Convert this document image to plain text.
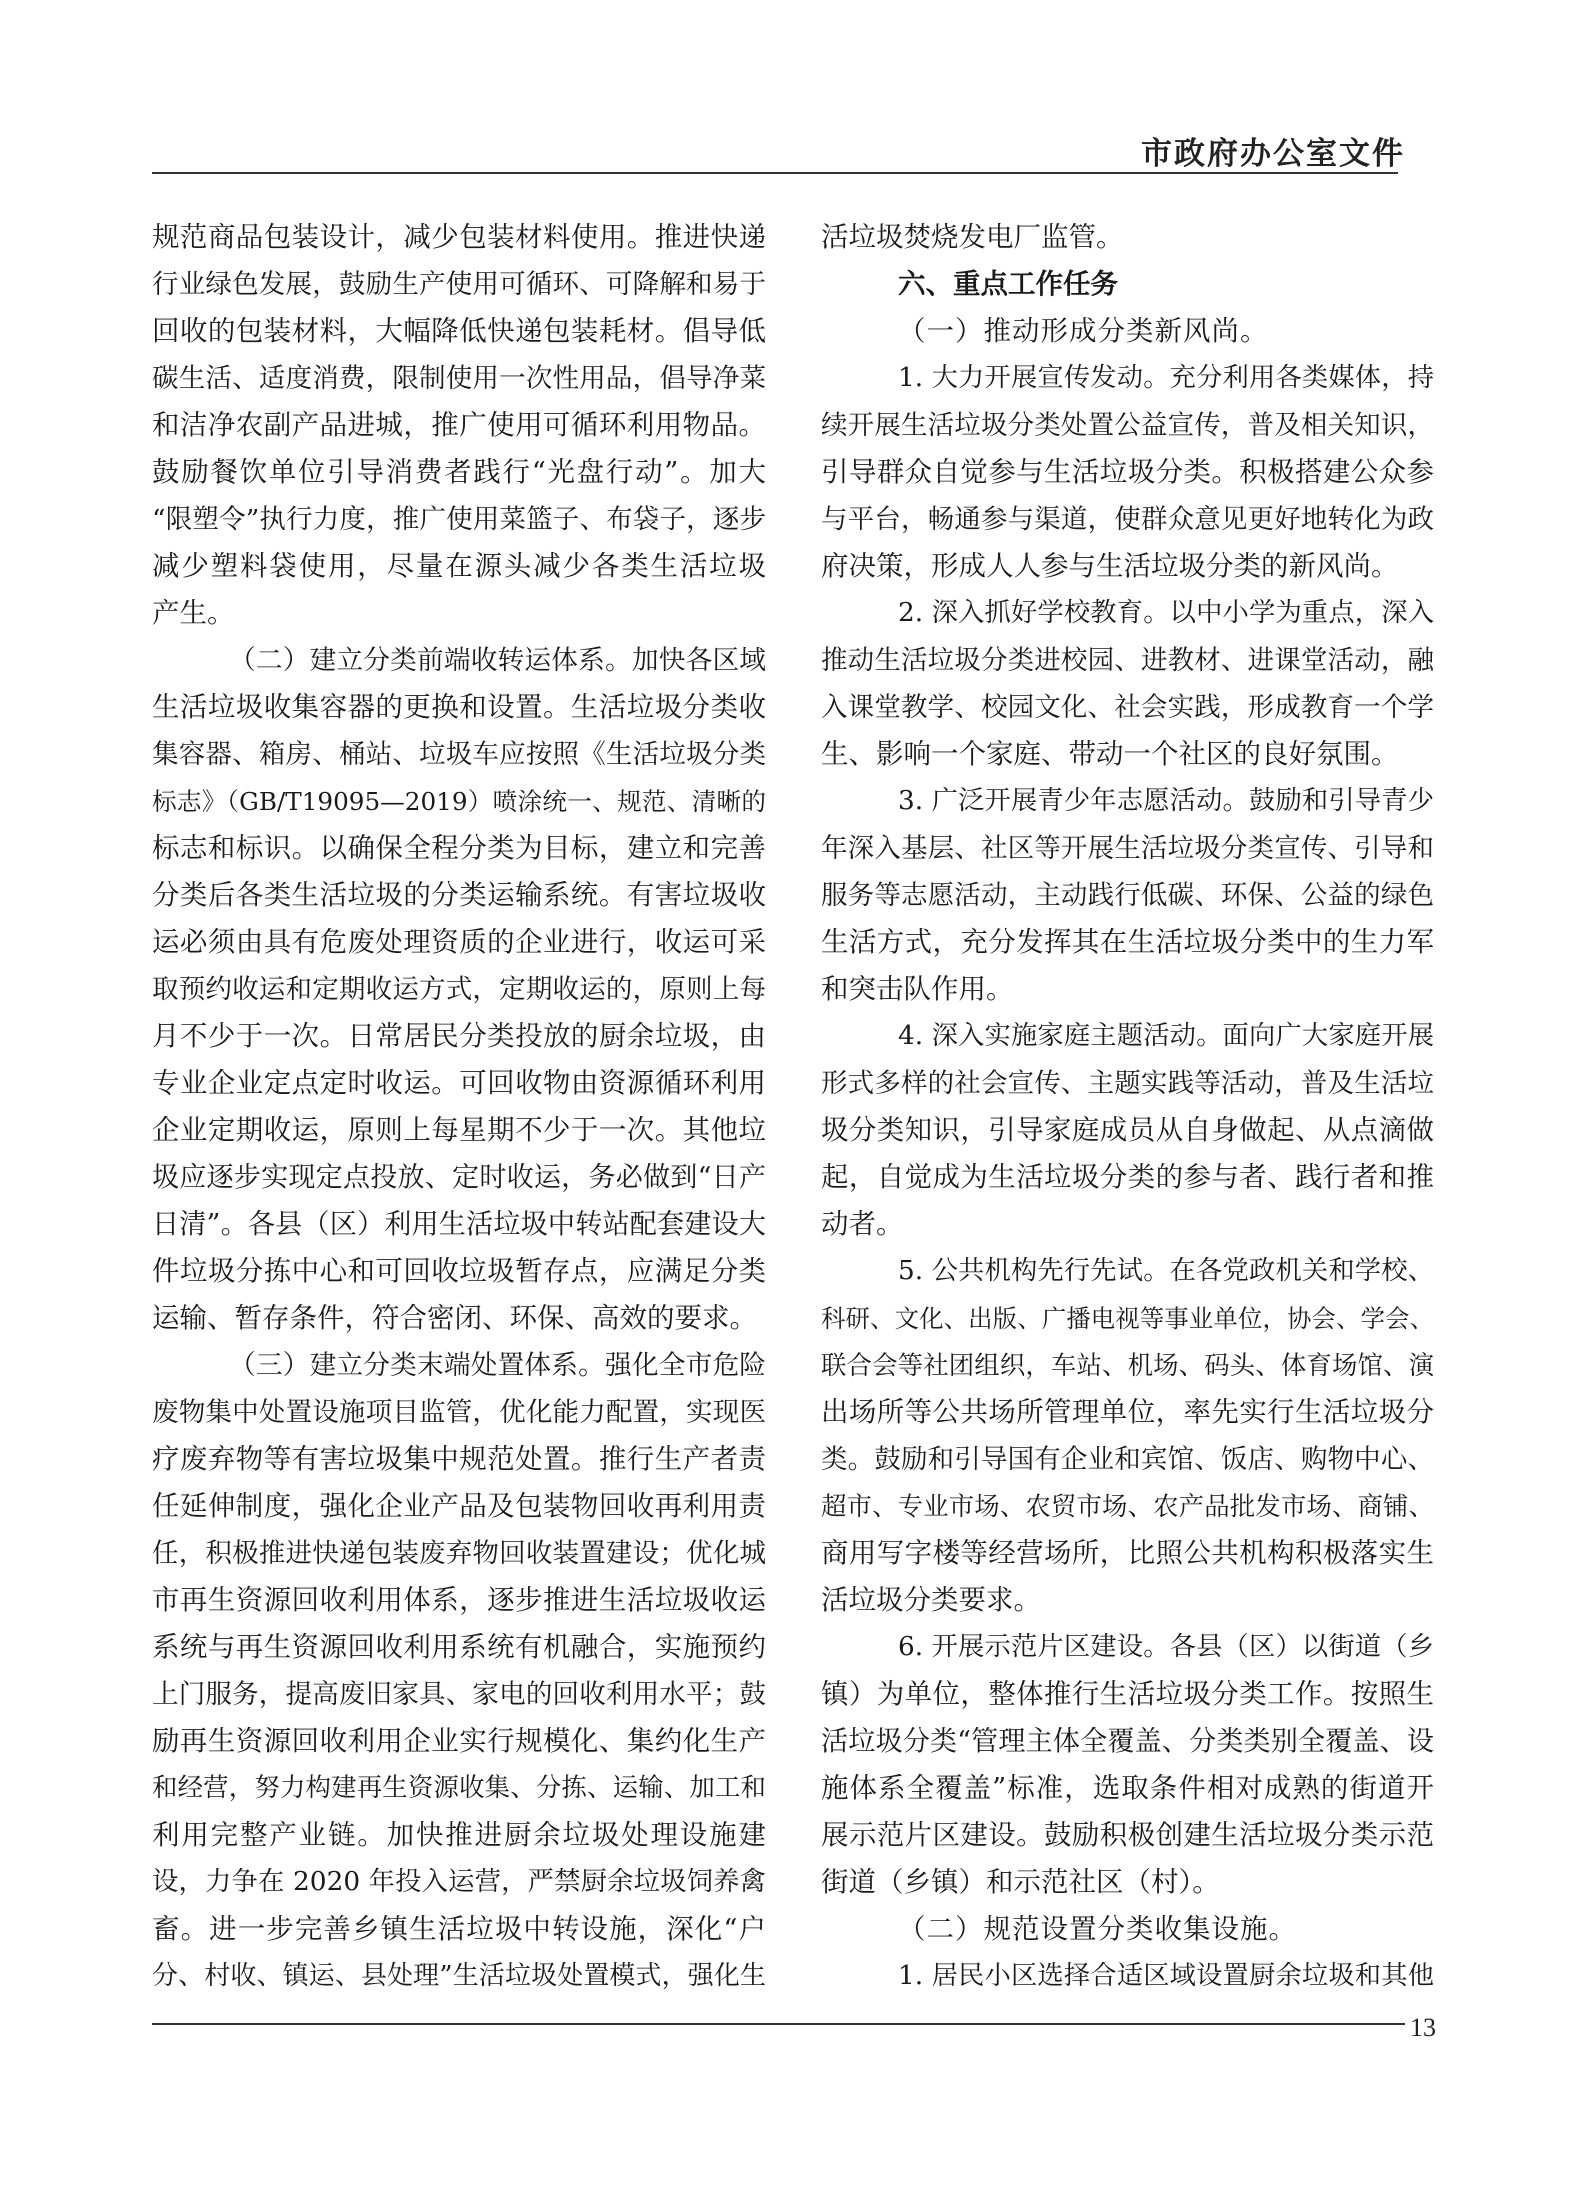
市政府办公室文件
规范商品包装设计，减少包装材料使用。推进快递
行业绿色发展，鼓励生产使用可循环、可降解和易于
回收的包装材料，大幅降低快递包装耗材。倡导低
碳生活、适度消费，限制使用一次性用品，倡导净菜
和洁净农副产品进城，推广使用可循环利用物品。
鼓励餐饮单位引导消费者践行“光盘行动”。加大
“限塑令”执行力度，推广使用菜篮子、布袋子，逐步
减少塑料袋使用，尽量在源头减少各类生活垃圾
产生。
（二）建立分类前端收转运体系。加快各区域
生活垃圾收集容器的更换和设置。生活垃圾分类收
集容器、箱房、桶站、垃圾车应按照《生活垃圾分类
标志》（GB/T19095—2019）喷涂统一、规范、清晰的
标志和标识。以确保全程分类为目标，建立和完善
分类后各类生活垃圾的分类运输系统。有害垃圾收
运必须由具有危废处理资质的企业进行，收运可采
取预约收运和定期收运方式，定期收运的，原则上每
月不少于一次。日常居民分类投放的厨余垃圾，由
专业企业定点定时收运。可回收物由资源循环利用
企业定期收运，原则上每星期不少于一次。其他垃
圾应逐步实现定点投放、定时收运，务必做到“日产
日清”。各县（区）利用生活垃圾中转站配套建设大
件垃圾分拣中心和可回收垃圾暂存点，应满足分类
运输、暂存条件，符合密闭、环保、高效的要求。
（三）建立分类末端处置体系。强化全市危险
废物集中处置设施项目监管，优化能力配置，实现医
疗废弃物等有害垃圾集中规范处置。推行生产者责
任延伸制度，强化企业产品及包装物回收再利用责
任，积极推进快递包装废弃物回收装置建设；优化城
市再生资源回收利用体系，逐步推进生活垃圾收运
系统与再生资源回收利用系统有机融合，实施预约
上门服务，提高废旧家具、家电的回收利用水平；鼓
励再生资源回收利用企业实行规模化、集约化生产
和经营，努力构建再生资源收集、分拣、运输、加工和
利用完整产业链。加快推进厨余垃圾处理设施建
设，力争在 2020 年投入运营，严禁厨余垃圾饲养禽
畜。进一步完善乡镇生活垃圾中转设施，深化“户
分、村收、镇运、县处理”生活垃圾处置模式，强化生
活垃圾焚烧发电厂监管。
六、重点工作任务
（一）推动形成分类新风尚。
1. 大力开展宣传发动。充分利用各类媒体，持
续开展生活垃圾分类处置公益宣传，普及相关知识，
引导群众自觉参与生活垃圾分类。积极搭建公众参
与平台，畅通参与渠道，使群众意见更好地转化为政
府决策，形成人人参与生活垃圾分类的新风尚。
2. 深入抓好学校教育。以中小学为重点，深入
推动生活垃圾分类进校园、进教材、进课堂活动，融
入课堂教学、校园文化、社会实践，形成教育一个学
生、影响一个家庭、带动一个社区的良好氛围。
3. 广泛开展青少年志愿活动。鼓励和引导青少
年深入基层、社区等开展生活垃圾分类宣传、引导和
服务等志愿活动，主动践行低碳、环保、公益的绿色
生活方式，充分发挥其在生活垃圾分类中的生力军
和突击队作用。
4. 深入实施家庭主题活动。面向广大家庭开展
形式多样的社会宣传、主题实践等活动，普及生活垃
圾分类知识，引导家庭成员从自身做起、从点滴做
起，自觉成为生活垃圾分类的参与者、践行者和推
动者。
5. 公共机构先行先试。在各党政机关和学校、
科研、文化、出版、广播电视等事业单位，协会、学会、
联合会等社团组织，车站、机场、码头、体育场馆、演
出场所等公共场所管理单位，率先实行生活垃圾分
类。鼓励和引导国有企业和宾馆、饭店、购物中心、
超市、专业市场、农贸市场、农产品批发市场、商铺、
商用写字楼等经营场所，比照公共机构积极落实生
活垃圾分类要求。
6. 开展示范片区建设。各县（区）以街道（乡
镇）为单位，整体推行生活垃圾分类工作。按照生
活垃圾分类“管理主体全覆盖、分类类别全覆盖、设
施体系全覆盖”标准，选取条件相对成熟的街道开
展示范片区建设。鼓励积极创建生活垃圾分类示范
街道（乡镇）和示范社区（村）。
（二）规范设置分类收集设施。
1. 居民小区选择合适区域设置厨余垃圾和其他
13
